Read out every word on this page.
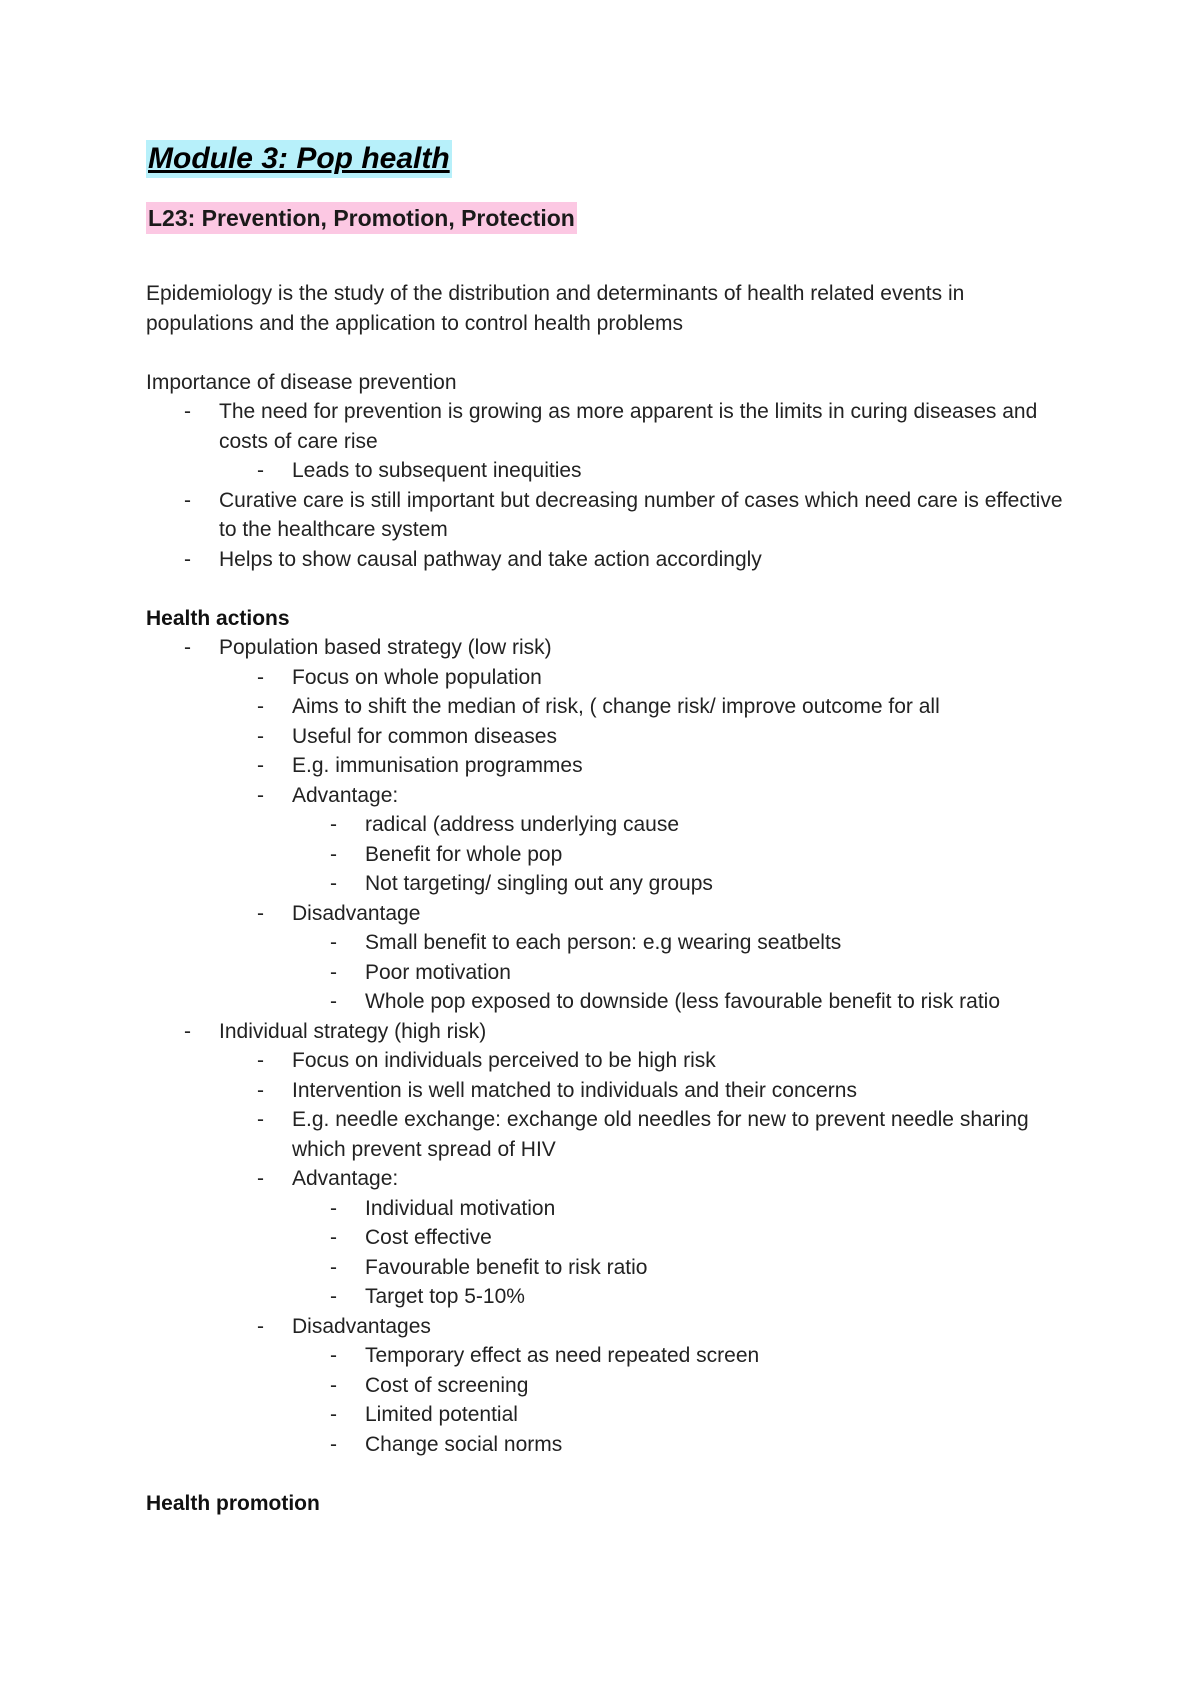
Module 3: Pop health
L23: Prevention, Promotion, Protection

Epidemiology is the study of the distribution and determinants of health related events in populations and the application to control health problems

Importance of disease prevention

- The need for prevention is growing as more apparent is the limits in curing diseases and costs of care rise
- Leads to subsequent inequities
- Curative care is still important but decreasing number of cases which need care is effective to the healthcare system
- Helps to show causal pathway and take action accordingly
Health actions
- Population based strategy (low risk)
- Focus on whole population
- Aims to shift the median of risk, ( change risk/ improve outcome for all
- Useful for common diseases
- E.g. immunisation programmes
- Advantage:
- radical (address underlying cause
- Benefit for whole pop
- Not targeting/ singling out any groups
- Disadvantage
- Small benefit to each person: e.g wearing seatbelts
- Poor motivation
- Whole pop exposed to downside (less favourable benefit to risk ratio
- Individual strategy (high risk)
- Focus on individuals perceived to be high risk
- Intervention is well matched to individuals and their concerns
- E.g. needle exchange: exchange old needles for new to prevent needle sharing which prevent spread of HIV
- Advantage:
- Individual motivation
- Cost effective
- Favourable benefit to risk ratio
- Target top 5-10%
- Disadvantages
- Temporary effect as need repeated screen
- Cost of screening
- Limited potential
- Change social norms
Health promotion
